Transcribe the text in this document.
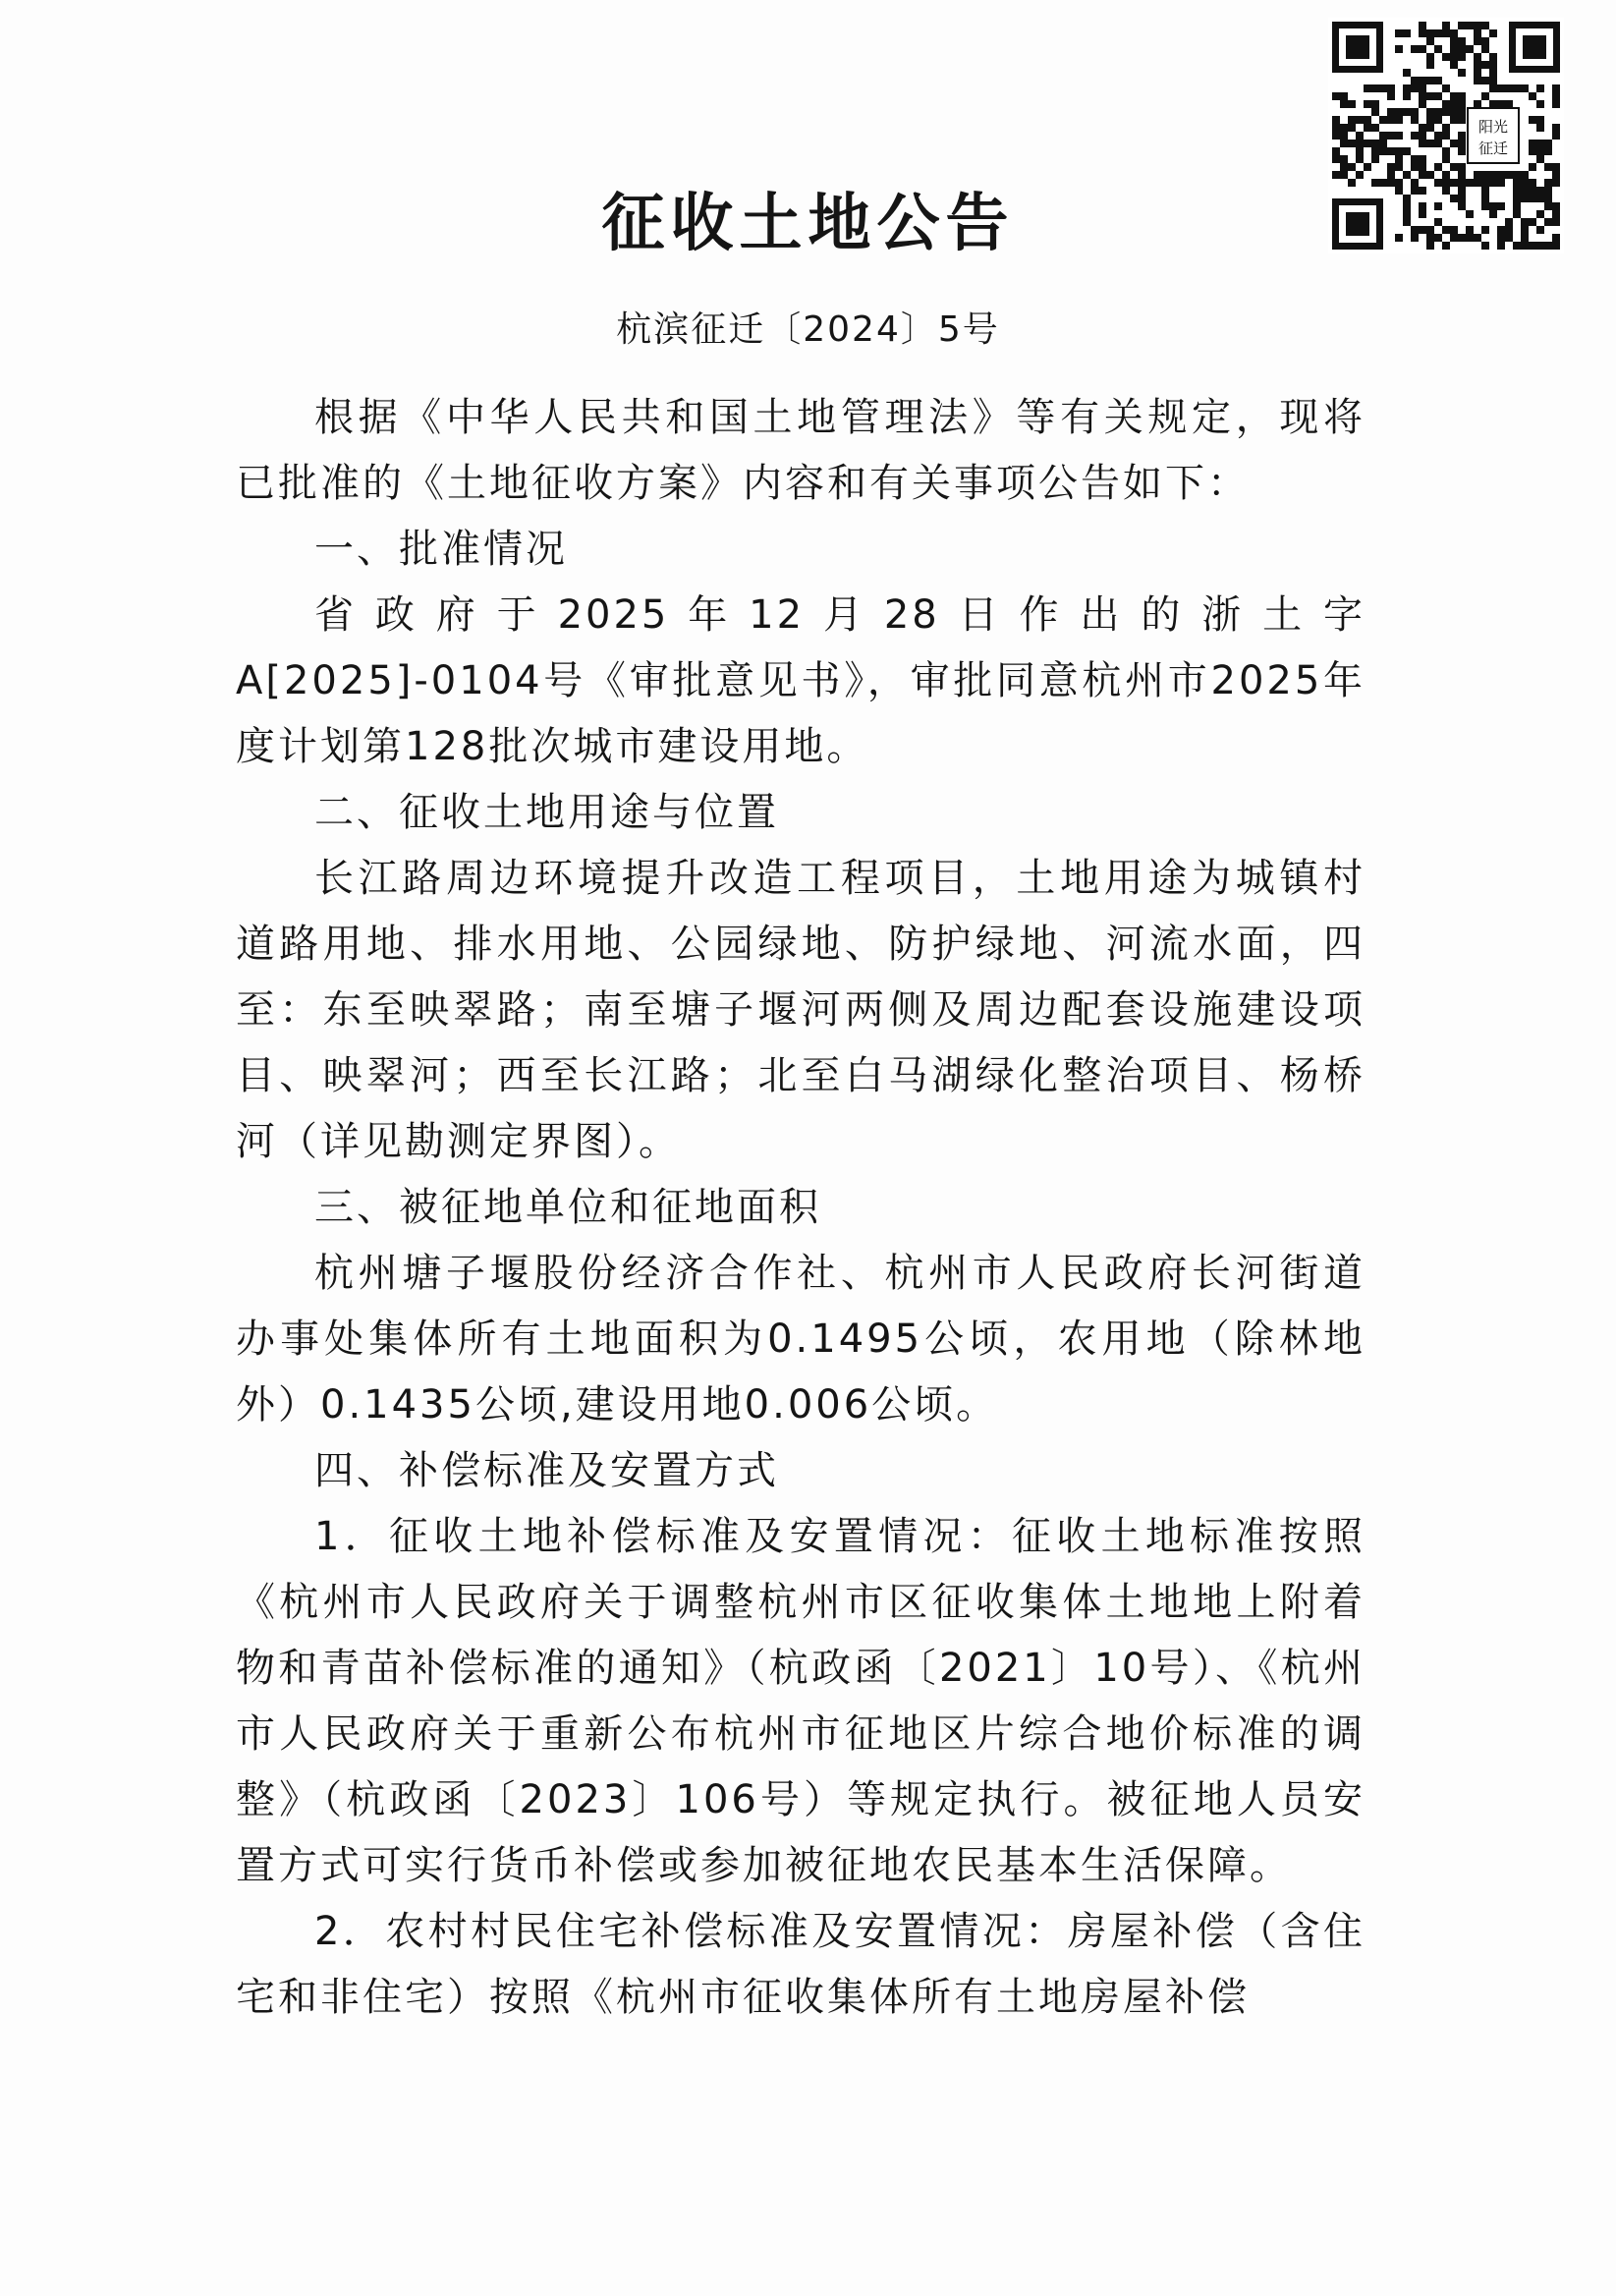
阳光
征迁
征收土地公告
杭滨征迁〔2024〕5号

根据《中华人民共和国土地管理法》等有关规定，现将已批准的《土地征收方案》内容和有关事项公告如下：

一、批准情况

省政府于2025年12月28日作出的浙土字A[2025]-0104号《审批意见书》，审批同意杭州市2025年度计划第128批次城市建设用地。

二、征收土地用途与位置

长江路周边环境提升改造工程项目，土地用途为城镇村道路用地、排水用地、公园绿地、防护绿地、河流水面，四至：东至映翠路；南至塘子堰河两侧及周边配套设施建设项目、映翠河；西至长江路；北至白马湖绿化整治项目、杨桥河（详见勘测定界图）。

三、被征地单位和征地面积

杭州塘子堰股份经济合作社、杭州市人民政府长河街道办事处集体所有土地面积为0.1495公顷，农用地（除林地外）0.1435公顷,建设用地0.006公顷。

四、补偿标准及安置方式

1．征收土地补偿标准及安置情况：征收土地标准按照《杭州市人民政府关于调整杭州市区征收集体土地地上附着物和青苗补偿标准的通知》（杭政函〔2021〕10号）、《杭州市人民政府关于重新公布杭州市征地区片综合地价标准的调整》（杭政函〔2023〕106号）等规定执行。被征地人员安置方式可实行货币补偿或参加被征地农民基本生活保障。

2．农村村民住宅补偿标准及安置情况：房屋补偿（含住宅和非住宅）按照《杭州市征收集体所有土地房屋补偿
